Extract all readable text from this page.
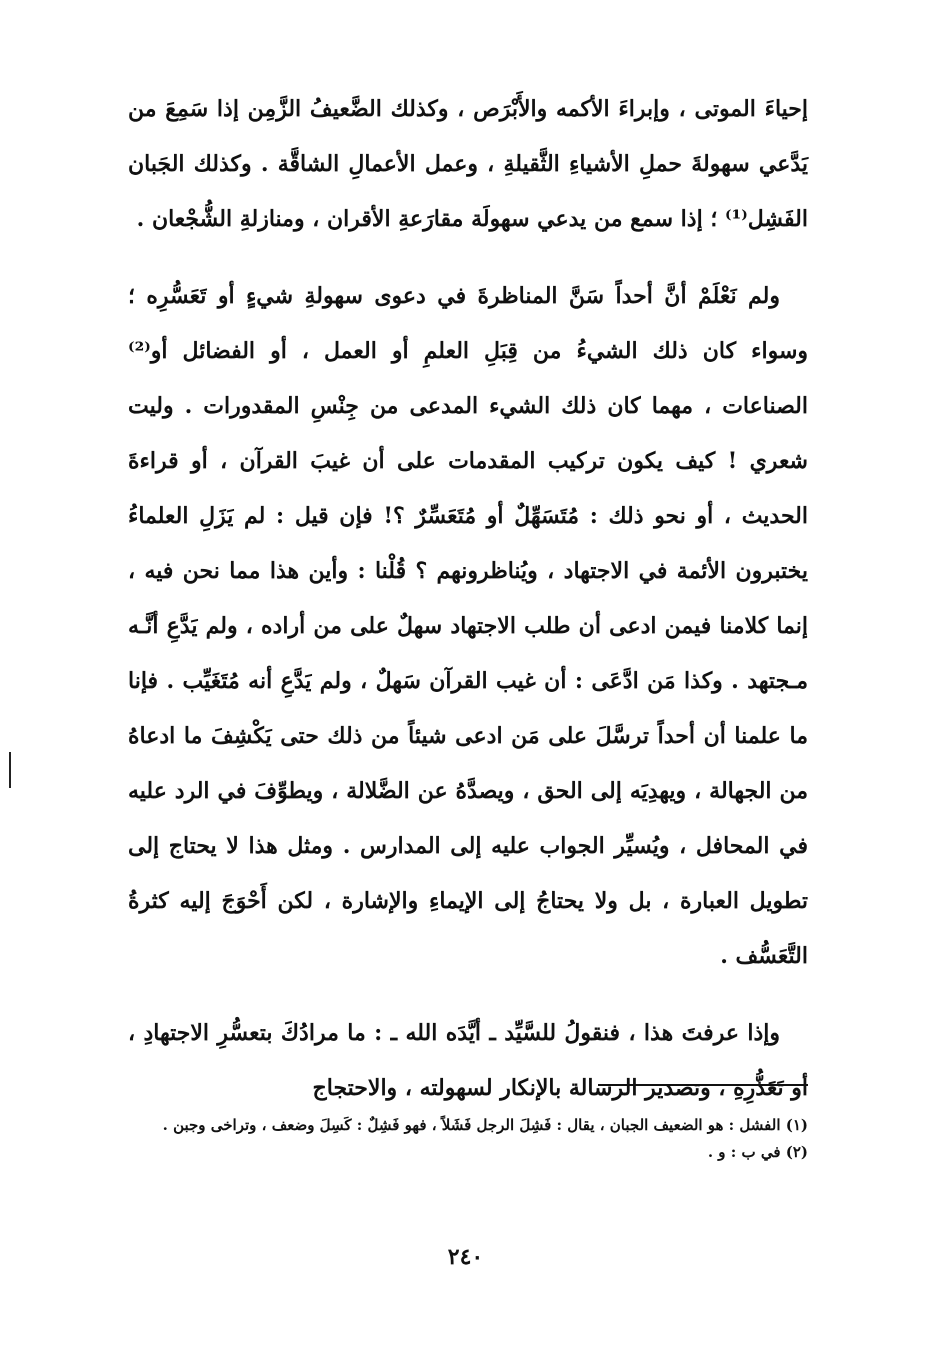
إحياءَ الموتى ، وإبراءَ الأكمه والأَبْرَص ، وكذلك الضَّعيفُ الزَّمِن إذا سَمِعَ من يَدَّعي سهولةَ حملِ الأشياءِ الثَّقيلةِ ، وعمل الأعمالِ الشاقَّة . وكذلك الجَبان الفَشِل⁽¹⁾ ؛ إذا سمع من يدعي سهولَة مقارَعةِ الأقران ، ومنازلةِ الشُّجْعان .

ولم نَعْلَمْ أنَّ أحداً سَنَّ المناظرةَ في دعوى سهولةِ شيءٍ أو تَعَسُّرِه ؛ وسواء كان ذلك الشيءُ من قِبَلِ العلمِ أو العمل ، أو الفضائل أو⁽²⁾ الصناعات ، مهما كان ذلك الشيء المدعى من جِنْسِ المقدورات . وليت شعري ! كيف يكون تركيب المقدمات على أن غيبَ القرآن ، أو قراءةَ الحديث ، أو نحو ذلك : مُتَسَهِّلٌ أو مُتَعَسِّرٌ ؟! فإن قيل : لم يَزَلِ العلماءُ يختبرون الأئمة في الاجتهاد ، ويُناظرونهم ؟ قُلْنا : وأين هذا مما نحن فيه ، إنما كلامنا فيمن ادعى أن طلب الاجتهاد سهلٌ على من أراده ، ولم يَدَّعِ أنَّـه مـجتهد . وكذا مَن ادَّعَى : أن غيب القرآن سَهلٌ ، ولم يَدَّعِ أنه مُتَغَيِّب . فإنا ما علمنا أن أحداً ترسَّلَ على مَن ادعى شيئاً من ذلك حتى يَكْشِفَ ما ادعاهُ من الجهالة ، ويهدِيَه إلى الحق ، ويصدَّهُ عن الضَّلالة ، ويطوِّفَ في الرد عليه في المحافل ، ويُسيِّر الجواب عليه إلى المدارس . ومثل هذا لا يحتاج إلى تطويل العبارة ، بل ولا يحتاجُ إلى الإيماءِ والإشارة ، لكن أَحْوَجَ إليه كثرةُ التَّعَسُّف .

وإذا عرفتَ هذا ، فنقولُ للسَّيِّد ـ أيَّدَه الله ـ : ما مرادُكَ بتعسُّرِ الاجتهادِ ، أو تَعَذُّرِهِ ، وتصدير الرسالة بالإنكار لسهولته ، والاحتجاج

(١) الفشل : هو الضعيف الجبان ، يقال : فَشِلَ الرجل فَشَلاً ، فهو فَشِلٌ : كَسِلَ وضعف ، وتراخى وجبن .

(٢) في ب : و .

٢٤٠
